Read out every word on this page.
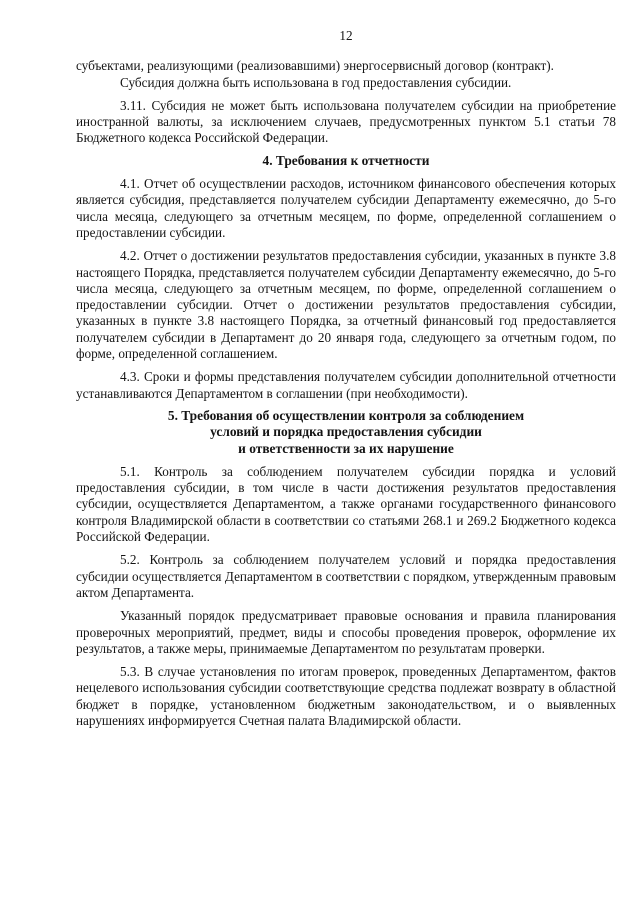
12

субъектами, реализующими (реализовавшими) энергосервисный договор (контракт).

Субсидия должна быть использована в год предоставления субсидии.

3.11. Субсидия не может быть использована получателем субсидии на приобретение иностранной валюты, за исключением случаев, предусмотренных пунктом 5.1 статьи 78 Бюджетного кодекса Российской Федерации.

4. Требования к отчетности

4.1. Отчет об осуществлении расходов, источником финансового обеспечения которых является субсидия, представляется получателем субсидии Департаменту ежемесячно, до 5-го числа месяца, следующего за отчетным месяцем, по форме, определенной соглашением о предоставлении субсидии.

4.2. Отчет о достижении результатов предоставления субсидии, указанных в пункте 3.8 настоящего Порядка, представляется получателем субсидии Департаменту ежемесячно, до 5-го числа месяца, следующего за отчетным месяцем, по форме, определенной соглашением о предоставлении субсидии. Отчет о достижении результатов предоставления субсидии, указанных в пункте 3.8 настоящего Порядка, за отчетный финансовый год предоставляется получателем субсидии в Департамент до 20 января года, следующего за отчетным годом, по форме, определенной соглашением.

4.3. Сроки и формы представления получателем субсидии дополнительной отчетности устанавливаются Департаментом в соглашении (при необходимости).

5. Требования об осуществлении контроля за соблюдением
условий и порядка предоставления субсидии
и ответственности за их нарушение

5.1. Контроль за соблюдением получателем субсидии порядка и условий предоставления субсидии, в том числе в части достижения результатов предоставления субсидии, осуществляется Департаментом, а также органами государственного финансового контроля Владимирской области в соответствии со статьями 268.1 и 269.2 Бюджетного кодекса Российской Федерации.

5.2. Контроль за соблюдением получателем условий и порядка предоставления субсидии осуществляется Департаментом в соответствии с порядком, утвержденным правовым актом Департамента.

Указанный порядок предусматривает правовые основания и правила планирования проверочных мероприятий, предмет, виды и способы проведения проверок, оформление их результатов, а также меры, принимаемые Департаментом по результатам проверки.

5.3. В случае установления по итогам проверок, проведенных Департаментом, фактов нецелевого использования субсидии соответствующие средства подлежат возврату в областной бюджет в порядке, установленном бюджетным законодательством, и о выявленных нарушениях информируется Счетная палата Владимирской области.
